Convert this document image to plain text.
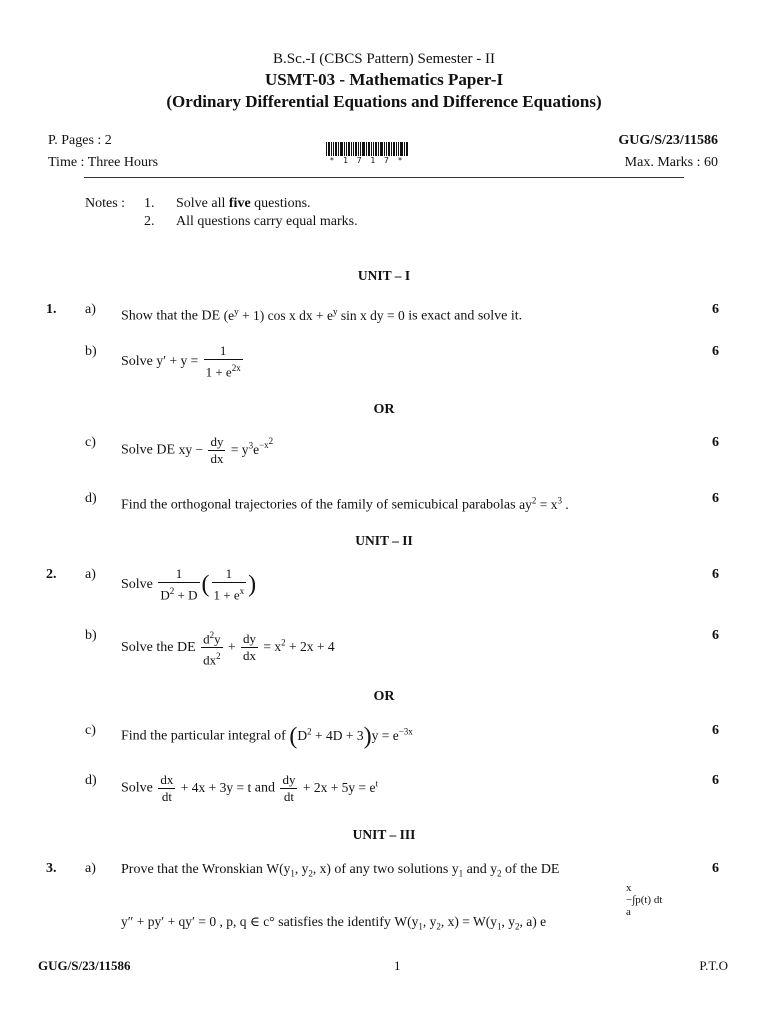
B.Sc.-I (CBCS Pattern) Semester - II
USMT-03 - Mathematics Paper-I
(Ordinary Differential Equations and Difference Equations)
P. Pages : 2
Time : Three Hours
GUG/S/23/11586
Max. Marks : 60
* 1 7 1 7 *
Notes : 1. Solve all five questions.
2. All questions carry equal marks.
UNIT – I
1. a) Show that the DE $(e^y + 1)$ cos x dx + $e^y$ sin x dy = 0 is exact and solve it.	6
b)
Solve $y' + y = \frac{1}{1 + e^{2x}}$	6
OR
c)
Solve DE xy − $\frac{dy}{dx} = y^3e^{-x^2}$	6
d) Find the orthogonal trajectories of the family of semicubical parabolas $ay^2 = x^3$ .	6
UNIT – II
2. a)
Solve $\frac{1}{D^2 + D}$ ( $\frac{1}{1 + e^x}$ )	6
b)
Solve the DE $\frac{d^2y}{dx^2} + \frac{dy}{dx} = x^2 + 2x + 4$
6
OR
c) Find the particular integral of $(D^2 + 4D + 3)y = e^{-3x}$	6
d)
Solve $\frac{dx}{dt} + 4x + 3y = t$ and $\frac{dy}{dt} + 2x + 5y = e^t$	6
UNIT – III
3. a) Prove that the Wronskian $W(y_1$, $y_2$, x) of any two solutions $y_1$ and $y_2$ of the DE	6
x
−∫p(t) dt
a
y″ + py′ + qy′ = 0 , p, q ∈ c° satisfies the identify $W(y_1$, $y_2$, $x) = W(y_1$, $y_2$, a) e
GUG/S/23/11586	1	P.T.O
